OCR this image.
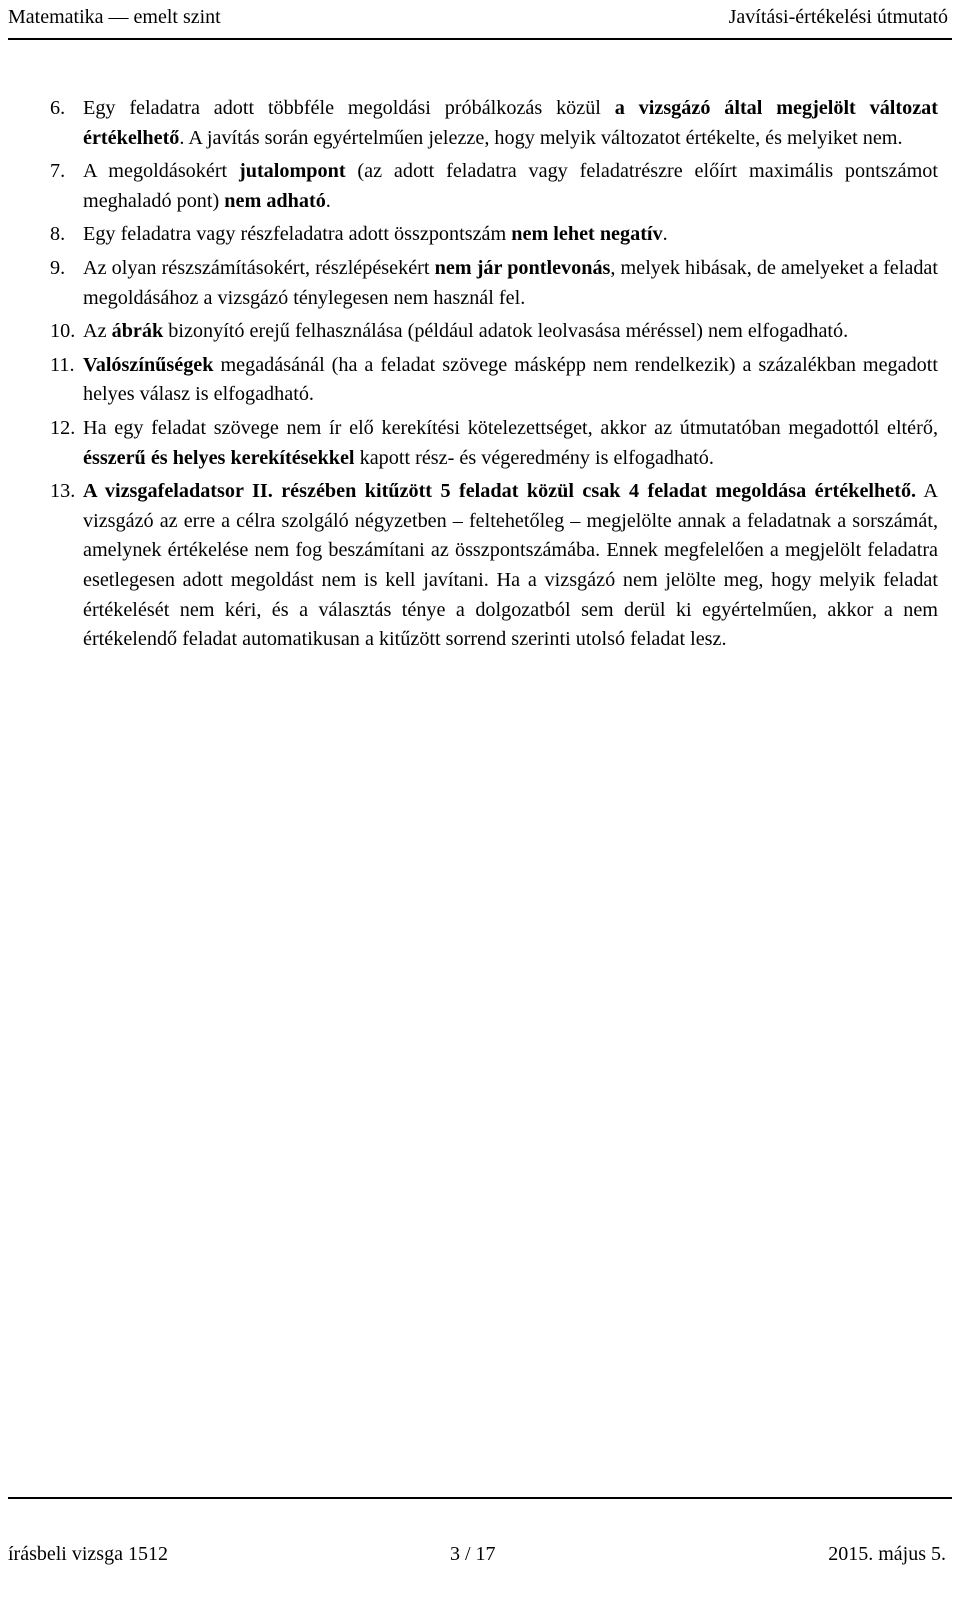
Matematika — emelt szint	Javítási-értékelési útmutató
6. Egy feladatra adott többféle megoldási próbálkozás közül a vizsgázó által megjelölt változat értékelhető. A javítás során egyértelműen jelezze, hogy melyik változatot értékelte, és melyiket nem.
7. A megoldásokért jutalompont (az adott feladatra vagy feladatrészre előírt maximális pontszámot meghaladó pont) nem adható.
8. Egy feladatra vagy részfeladatra adott összpontszám nem lehet negatív.
9. Az olyan részszámításokért, részlépésekért nem jár pontlevonás, melyek hibásak, de amelyeket a feladat megoldásához a vizsgázó ténylegesen nem használ fel.
10. Az ábrák bizonyító erejű felhasználása (például adatok leolvasása méréssel) nem elfogadható.
11. Valószínűségek megadásánál (ha a feladat szövege másképp nem rendelkezik) a százalékban megadott helyes válasz is elfogadható.
12. Ha egy feladat szövege nem ír elő kerekítési kötelezettséget, akkor az útmutatóban megadottól eltérő, ésszerű és helyes kerekítésekkel kapott rész- és végeredmény is elfogadható.
13. A vizsgafeladatsor II. részében kitűzött 5 feladat közül csak 4 feladat megoldása értékelhető. A vizsgázó az erre a célra szolgáló négyzetben – feltehetőleg – megjelölte annak a feladatnak a sorszámát, amelynek értékelése nem fog beszámítani az összpontszámába. Ennek megfelelően a megjelölt feladatra esetlegesen adott megoldást nem is kell javítani. Ha a vizsgázó nem jelölte meg, hogy melyik feladat értékelését nem kéri, és a választás ténye a dolgozatból sem derül ki egyértelműen, akkor a nem értékelendő feladat automatikusan a kitűzött sorrend szerinti utolsó feladat lesz.
írásbeli vizsga 1512	3 / 17	2015. május 5.
